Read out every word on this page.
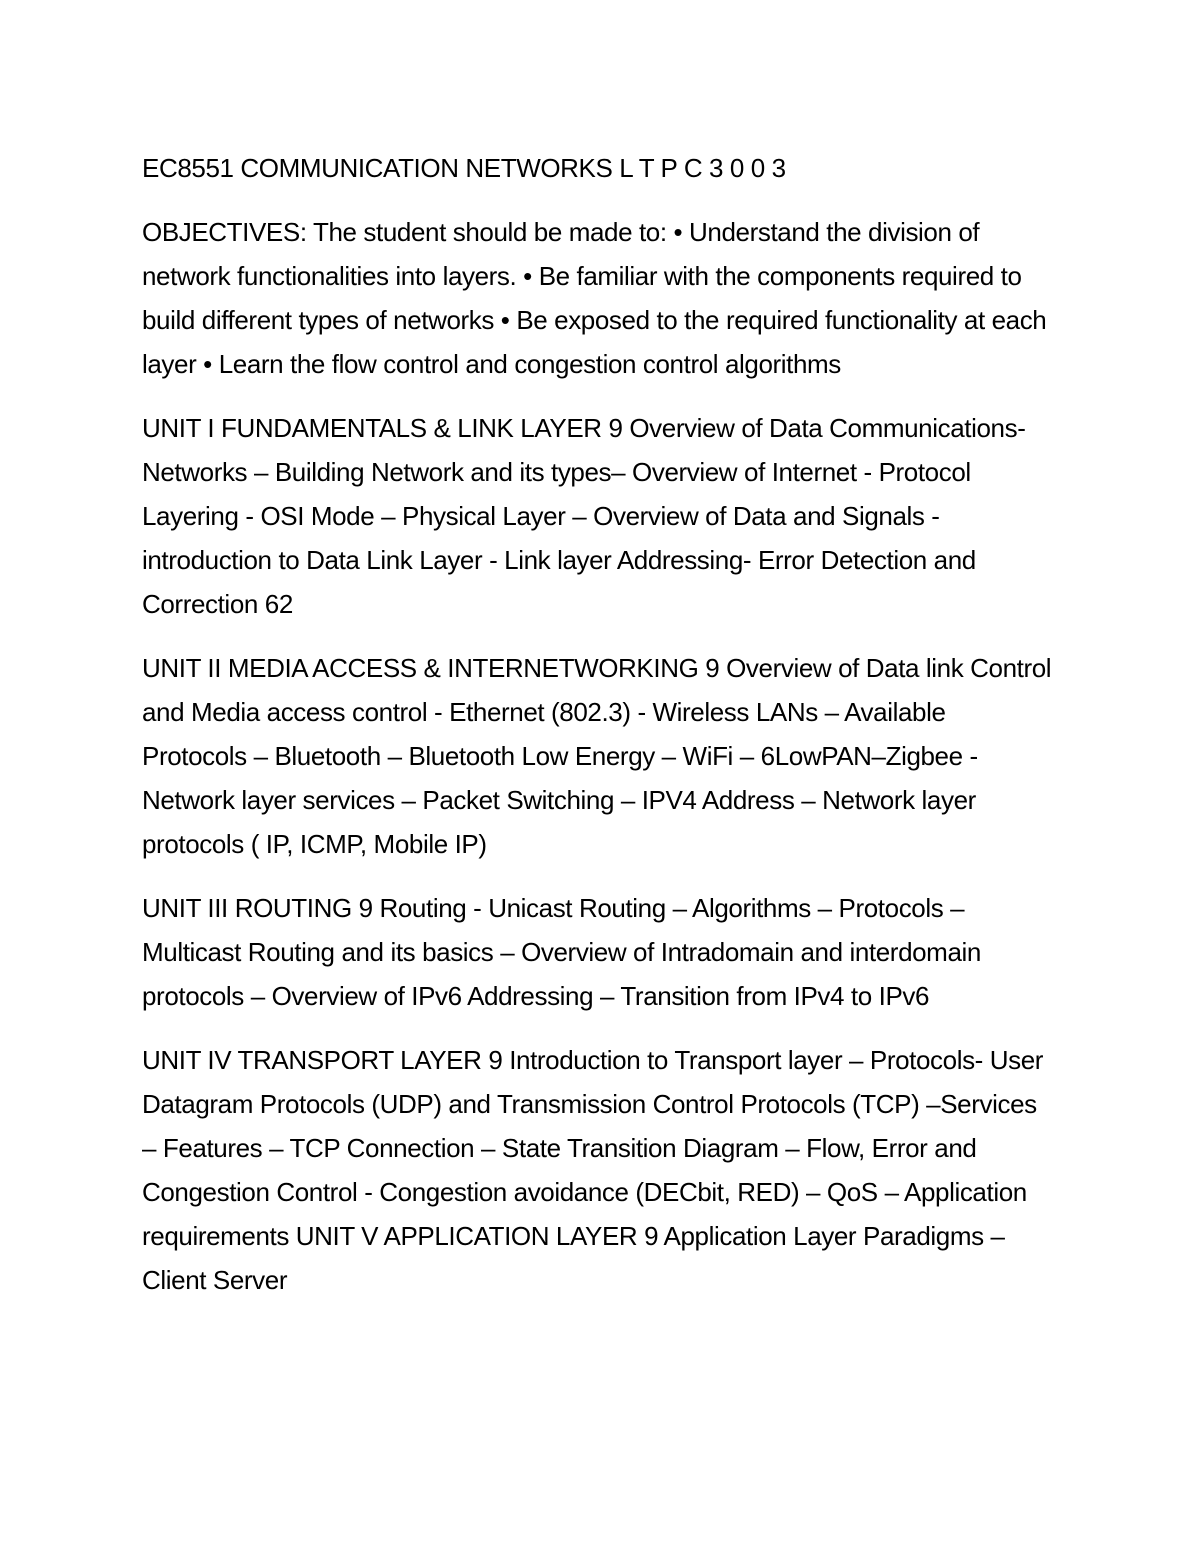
EC8551 COMMUNICATION NETWORKS L T P C 3 0 0 3

OBJECTIVES: The student should be made to: • Understand the division of network functionalities into layers. • Be familiar with the components required to build different types of networks • Be exposed to the required functionality at each layer • Learn the flow control and congestion control algorithms

UNIT I FUNDAMENTALS & LINK LAYER 9 Overview of Data Communications- Networks – Building Network and its types– Overview of Internet - Protocol Layering - OSI Mode – Physical Layer – Overview of Data and Signals - introduction to Data Link Layer - Link layer Addressing- Error Detection and Correction 62

UNIT II MEDIA ACCESS & INTERNETWORKING 9 Overview of Data link Control and Media access control - Ethernet (802.3) - Wireless LANs – Available Protocols – Bluetooth – Bluetooth Low Energy – WiFi – 6LowPAN–Zigbee - Network layer services – Packet Switching – IPV4 Address – Network layer protocols ( IP, ICMP, Mobile IP)

UNIT III ROUTING 9 Routing - Unicast Routing – Algorithms – Protocols – Multicast Routing and its basics – Overview of Intradomain and interdomain protocols – Overview of IPv6 Addressing – Transition from IPv4 to IPv6

UNIT IV TRANSPORT LAYER 9 Introduction to Transport layer – Protocols- User Datagram Protocols (UDP) and Transmission Control Protocols (TCP) –Services – Features – TCP Connection – State Transition Diagram – Flow, Error and Congestion Control - Congestion avoidance (DECbit, RED) – QoS – Application requirements UNIT V APPLICATION LAYER 9 Application Layer Paradigms – Client Server
